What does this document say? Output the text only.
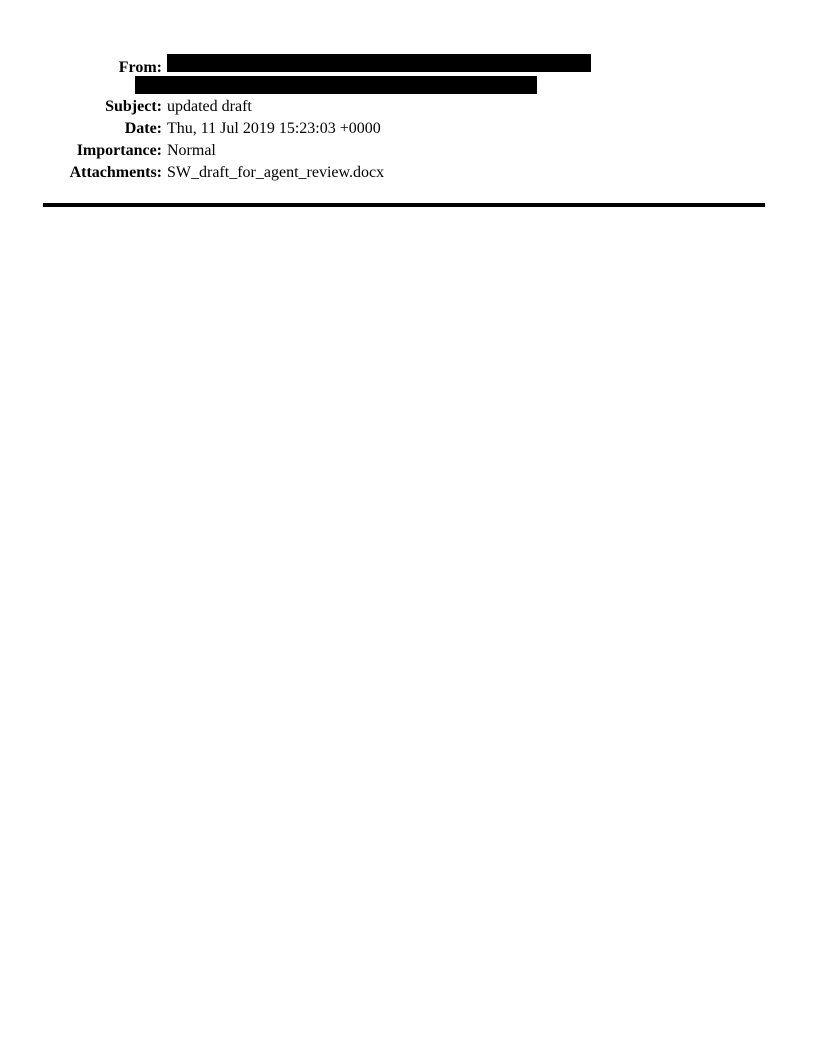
From:
Subject: updated draft
Date: Thu, 11 Jul 2019 15:23:03 +0000
Importance: Normal
Attachments: SW_draft_for_agent_review.docx
